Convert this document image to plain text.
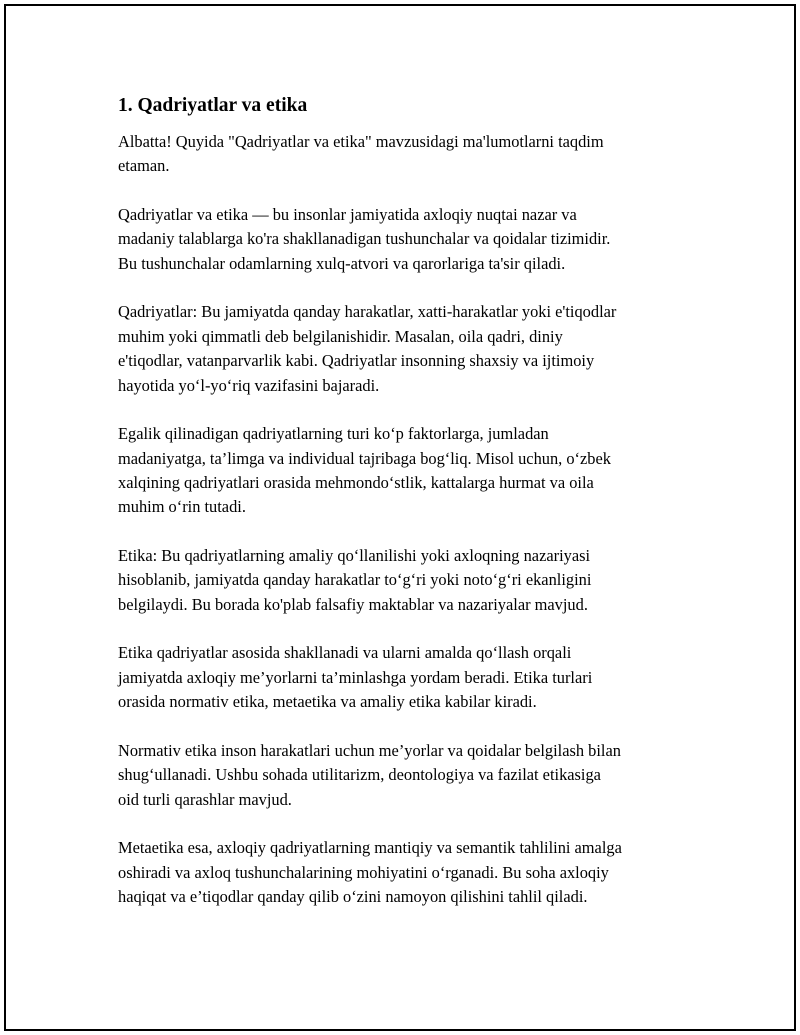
1. Qadriyatlar va etika

Albatta! Quyida "Qadriyatlar va etika" mavzusidagi ma'lumotlarni taqdim
etaman.

Qadriyatlar va etika — bu insonlar jamiyatida axloqiy nuqtai nazar va
madaniy talablarga ko'ra shakllanadigan tushunchalar va qoidalar tizimidir.
Bu tushunchalar odamlarning xulq-atvori va qarorlariga ta'sir qiladi.

Qadriyatlar: Bu jamiyatda qanday harakatlar, xatti-harakatlar yoki e'tiqodlar
muhim yoki qimmatli deb belgilanishidir. Masalan, oila qadri, diniy
e'tiqodlar, vatanparvarlik kabi. Qadriyatlar insonning shaxsiy va ijtimoiy
hayotida yo‘l-yo‘riq vazifasini bajaradi.

Egalik qilinadigan qadriyatlarning turi ko‘p faktorlarga, jumladan
madaniyatga, ta’limga va individual tajribaga bog‘liq. Misol uchun, o‘zbek
xalqining qadriyatlari orasida mehmondo‘stlik, kattalarga hurmat va oila
muhim o‘rin tutadi.

Etika: Bu qadriyatlarning amaliy qo‘llanilishi yoki axloqning nazariyasi
hisoblanib, jamiyatda qanday harakatlar to‘g‘ri yoki noto‘g‘ri ekanligini
belgilaydi. Bu borada ko'plab falsafiy maktablar va nazariyalar mavjud.

Etika qadriyatlar asosida shakllanadi va ularni amalda qo‘llash orqali
jamiyatda axloqiy me’yorlarni ta’minlashga yordam beradi. Etika turlari
orasida normativ etika, metaetika va amaliy etika kabilar kiradi.

Normativ etika inson harakatlari uchun me’yorlar va qoidalar belgilash bilan
shug‘ullanadi. Ushbu sohada utilitarizm, deontologiya va fazilat etikasiga
oid turli qarashlar mavjud.

Metaetika esa, axloqiy qadriyatlarning mantiqiy va semantik tahlilini amalga
oshiradi va axloq tushunchalarining mohiyatini o‘rganadi. Bu soha axloqiy
haqiqat va e’tiqodlar qanday qilib o‘zini namoyon qilishini tahlil qiladi.
